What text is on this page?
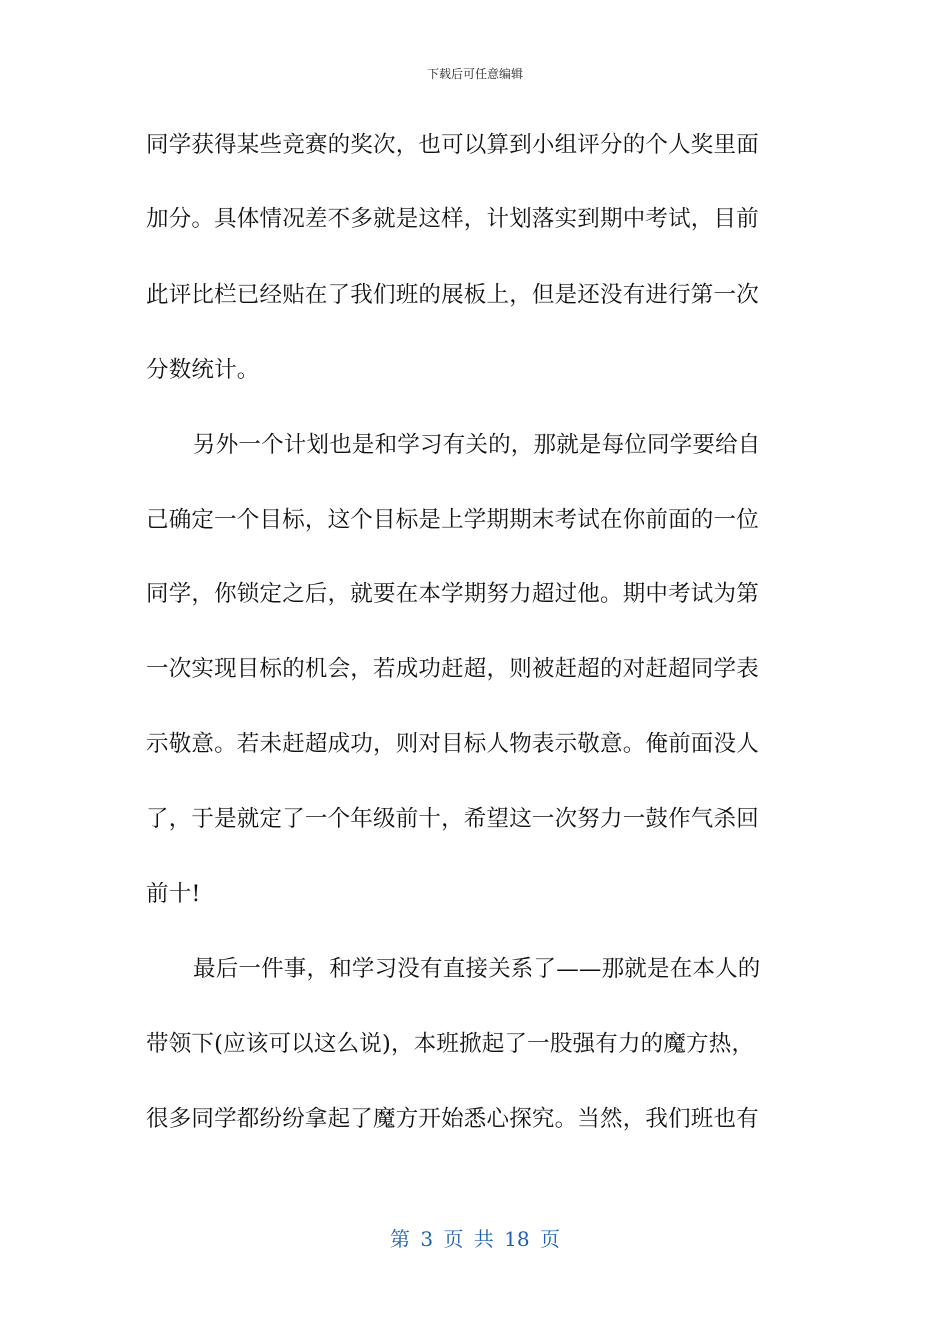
下载后可任意编辑
同学获得某些竞赛的奖次，也可以算到小组评分的个人奖里面
加分。具体情况差不多就是这样，计划落实到期中考试，目前
此评比栏已经贴在了我们班的展板上，但是还没有进行第一次
分数统计。
另外一个计划也是和学习有关的，那就是每位同学要给自
己确定一个目标，这个目标是上学期期末考试在你前面的一位
同学，你锁定之后，就要在本学期努力超过他。期中考试为第
一次实现目标的机会，若成功赶超，则被赶超的对赶超同学表
示敬意。若未赶超成功，则对目标人物表示敬意。俺前面没人
了，于是就定了一个年级前十，希望这一次努力一鼓作气杀回
前十!
最后一件事，和学习没有直接关系了——那就是在本人的
带领下(应该可以这么说)，本班掀起了一股强有力的魔方热，
很多同学都纷纷拿起了魔方开始悉心探究。当然，我们班也有
第 3 页 共 18 页
